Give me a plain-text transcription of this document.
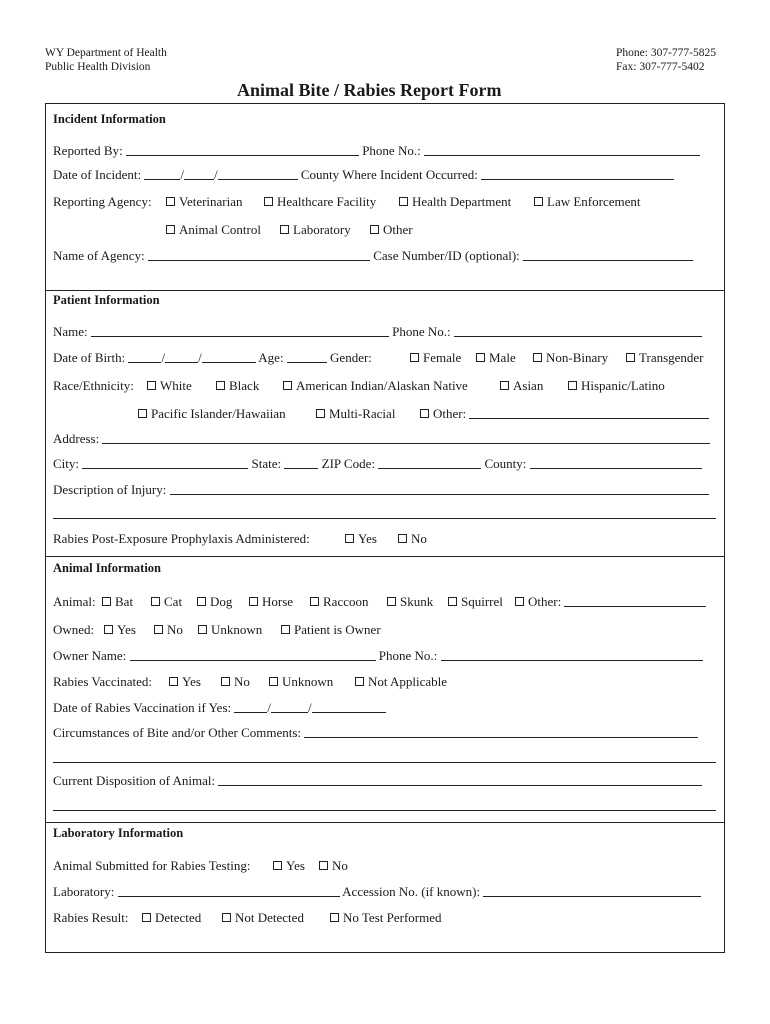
WY Department of Health
Public Health Division
Phone: 307-777-5825
Fax: 307-777-5402
Animal Bite / Rabies Report Form
Incident Information
Reported By:	Phone No.:
Date of Incident:	/ /	County Where Incident Occurred:
Reporting Agency:	Veterinarian	Healthcare Facility	Health Department	Law Enforcement
Animal Control	Laboratory	Other
Name of Agency:	Case Number/ID (optional):
Patient Information
Name:	Phone No.:
Date of Birth:	/	/	Age:	Gender:	Female	Male	Non-Binary	Transgender
Race/Ethnicity:	White	Black	American Indian/Alaskan Native	Asian	Hispanic/Latino
Pacific Islander/Hawaiian	Multi-Racial	Other:
Address:
City:	State:	ZIP Code:	County:
Description of Injury:
Rabies Post-Exposure Prophylaxis Administered:	Yes	No
Animal Information
Animal:	Bat	Cat	Dog	Horse	Raccoon	Skunk	Squirrel	Other:
Owned:	Yes	No	Unknown	Patient is Owner
Owner Name:	Phone No.:
Rabies Vaccinated:	Yes	No	Unknown	Not Applicable
Date of Rabies Vaccination if Yes:	/	/
Circumstances of Bite and/or Other Comments:
Current Disposition of Animal:
Laboratory Information
Animal Submitted for Rabies Testing:	Yes	No
Laboratory:	Accession No. (if known):
Rabies Result:	Detected	Not Detected	No Test Performed
